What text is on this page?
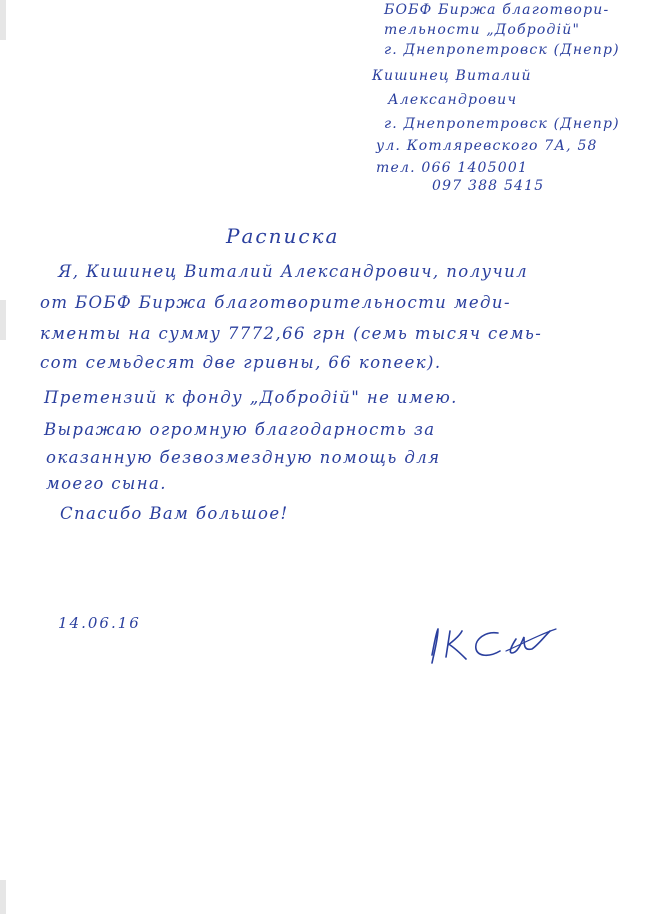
БОБФ Биржа благотвори-
тельности „Добродій"
г. Днепропетровск (Днепр)
Кишинец Виталий
Александрович
г. Днепропетровск (Днепр)
ул. Котляревского 7А, 58
тел. 066 1405001
097 388 5415
Расписка
Я, Кишинец Виталий Александрович, получил
от БОБФ Биржа благотворительности меди-
кменты на сумму 7772,66 грн (семь тысяч семь-
сот семьдесят две гривны, 66 копеек).
Претензий к фонду „Добродій" не имею.
Выражаю огромную благодарность за
оказанную безвозмездную помощь для
моего сына.
Спасибо Вам большое!
14.06.16
